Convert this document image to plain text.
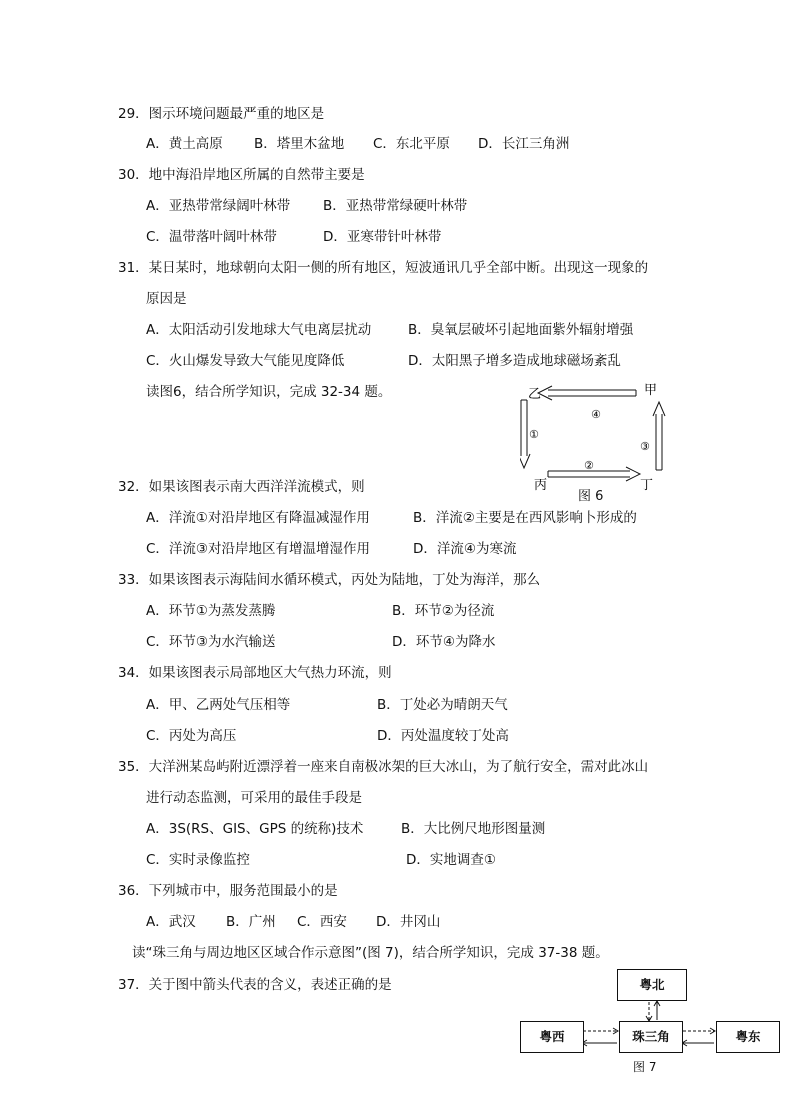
29．图示环境问题最严重的地区是
A．黄土高原 B．塔里木盆地 C．东北平原 D．长江三角洲
30．地中海沿岸地区所属的自然带主要是
A．亚热带常绿阔叶林带 B．亚热带常绿硬叶林带
C．温带落叶阔叶林带	D．亚寒带针叶林带
31．某日某时，地球朝向太阳一侧的所有地区，短波通讯几乎全部中断。出现这一现象的
原因是
A．太阳活动引发地球大气电离层扰动	B．臭氧层破坏引起地面紫外辐射增强
C．火山爆发导致大气能见度降低	D．太阳黑子增多造成地球磁场紊乱
读图6，结合所学知识，完成 32-34 题。	甲
乙
丙	丁
④
①
③
②
图 6
32．如果该图表示南大西洋洋流模式，则
A．洋流①对沿岸地区有降温减湿作用	B．洋流②主要是在西风影响卜形成的
C．洋流③对沿岸地区有增温增湿作用	D．洋流④为寒流
33．如果该图表示海陆间水循环模式，丙处为陆地，丁处为海洋，那么
A．环节①为蒸发蒸腾	B．环节②为径流
C．环节③为水汽输送	D．环节④为降水
34．如果该图表示局部地区大气热力环流，则
A．甲、乙两处气压相等	B．丁处必为晴朗天气
C．丙处为高压	D．丙处温度较丁处高
35．大洋洲某岛屿附近漂浮着一座来自南极冰架的巨大冰山，为了航行安全，需对此冰山
进行动态监测，可采用的最佳手段是
A．3S(RS、GIS、GPS 的统称)技术	B．大比例尺地形图量测
C．实时录像监控	D．实地调查①
36．下列城市中，服务范围最小的是
A．武汉 B．广州 C．西安 D．井冈山
读“珠三角与周边地区区域合作示意图”(图 7)，结合所学知识，完成 37-38 题。
37．关于图中箭头代表的含义，表述正确的是	粤北
粤西	珠三角	粤东
图 7
